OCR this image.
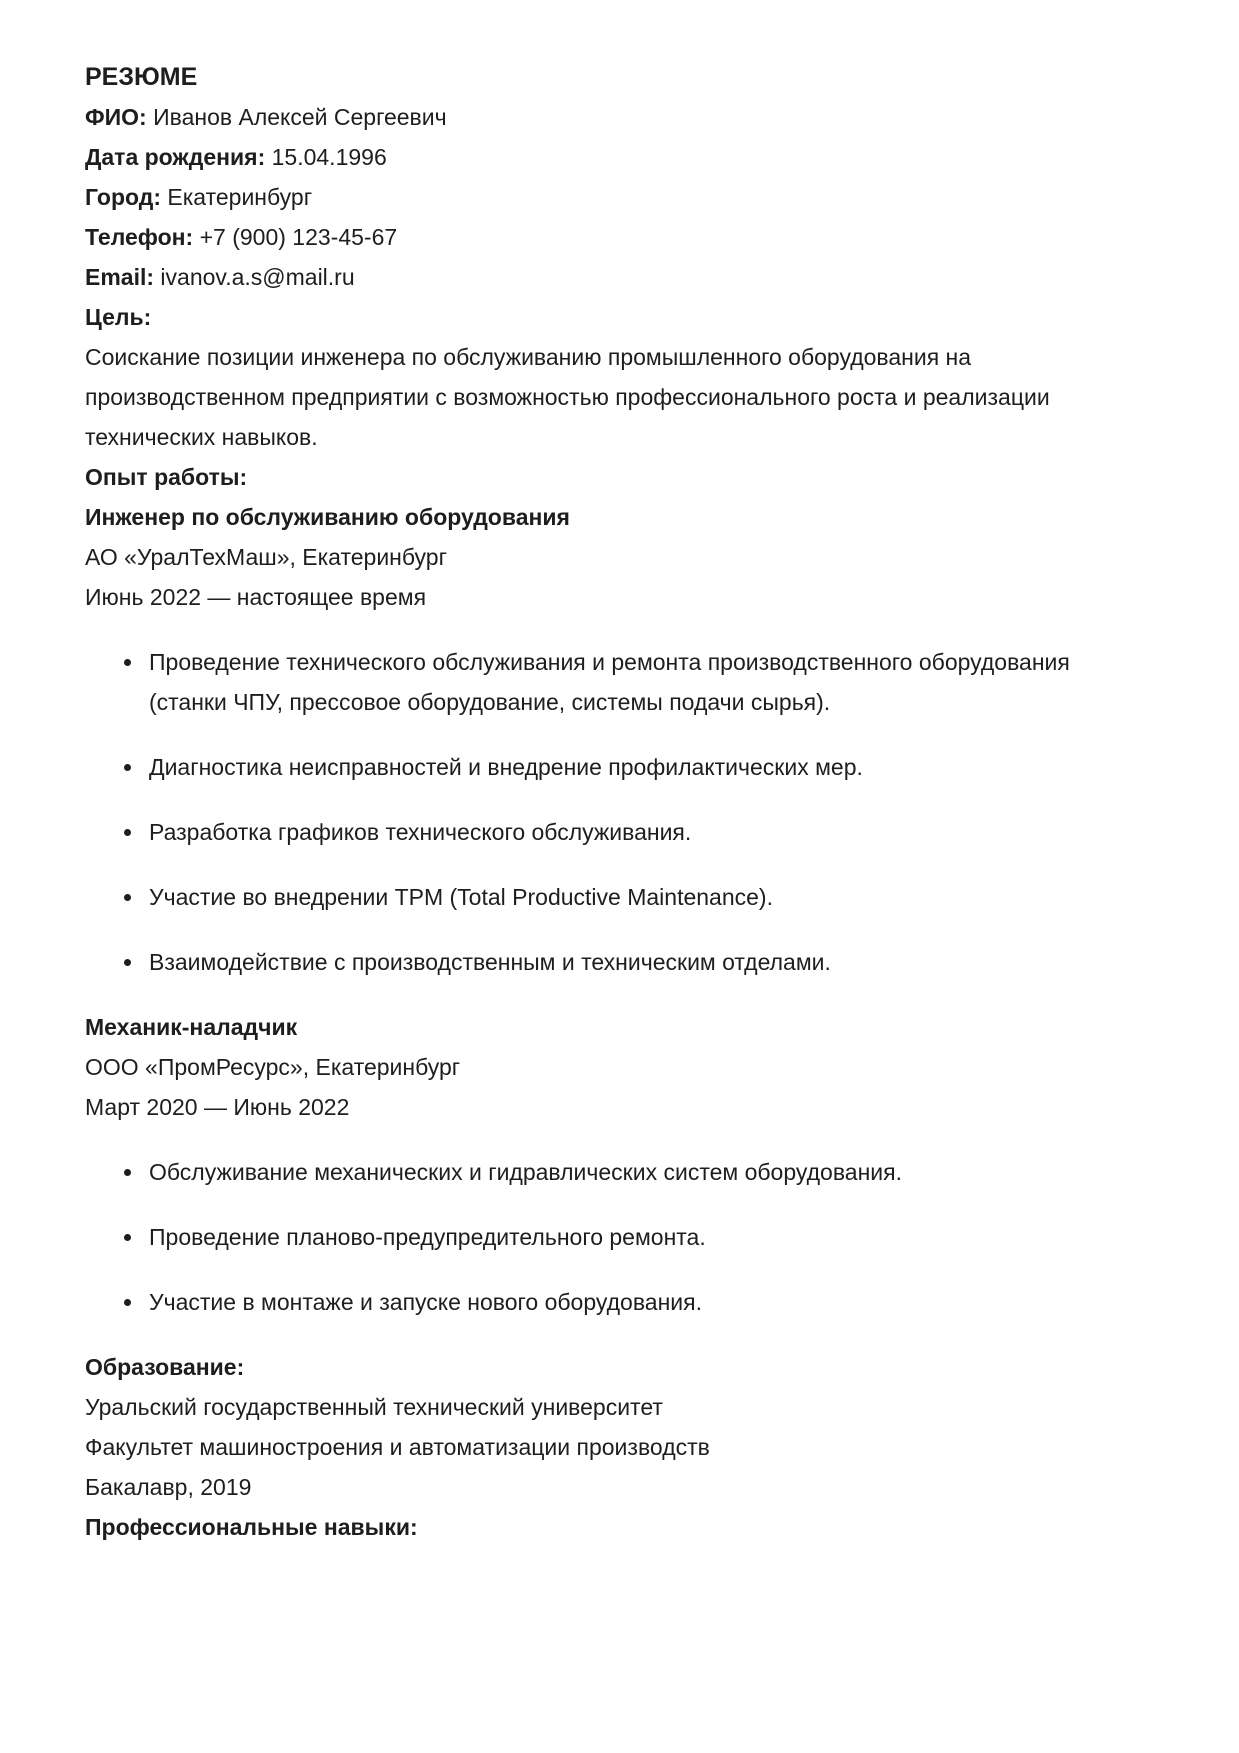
РЕЗЮМЕ

ФИО: Иванов Алексей Сергеевич

Дата рождения: 15.04.1996

Город: Екатеринбург

Телефон: +7 (900) 123-45-67

Email: ivanov.a.s@mail.ru

Цель:

Соискание позиции инженера по обслуживанию промышленного оборудования на производственном предприятии с возможностью профессионального роста и реализации технических навыков.

Опыт работы:

Инженер по обслуживанию оборудования

АО «УралТехМаш», Екатеринбург

Июнь 2022 — настоящее время

• Проведение технического обслуживания и ремонта производственного оборудования (станки ЧПУ, прессовое оборудование, системы подачи сырья).
• Диагностика неисправностей и внедрение профилактических мер.
• Разработка графиков технического обслуживания.
• Участие во внедрении TPM (Total Productive Maintenance).
• Взаимодействие с производственным и техническим отделами.

Механик-наладчик

ООО «ПромРесурс», Екатеринбург

Март 2020 — Июнь 2022

• Обслуживание механических и гидравлических систем оборудования.
• Проведение планово-предупредительного ремонта.
• Участие в монтаже и запуске нового оборудования.

Образование:

Уральский государственный технический университет

Факультет машиностроения и автоматизации производств

Бакалавр, 2019

Профессиональные навыки:
